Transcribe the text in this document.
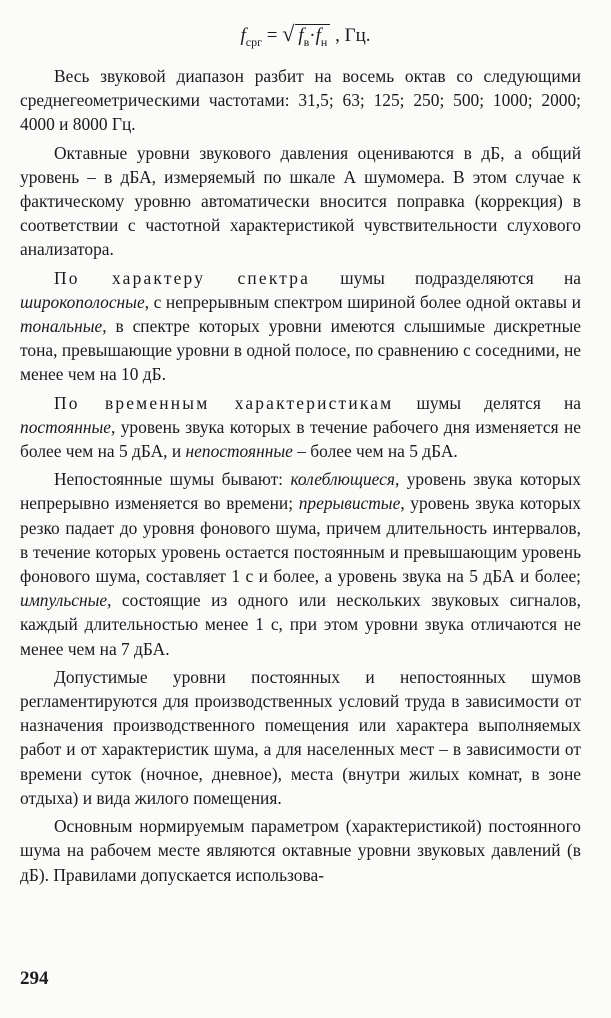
$f_{срг}$ = √ $f_в\cdot f_н$ , Гц.

Весь звуковой диапазон разбит на восемь октав со следующими среднегеометрическими частотами: 31,5; 63; 125; 250; 500; 1000; 2000; 4000 и 8000 Гц.

Октавные уровни звукового давления оцениваются в дБ, а общий уровень – в дБА, измеряемый по шкале А шумомера. В этом случае к фактическому уровню автоматически вносится поправка (коррекция) в соответствии с частотной характеристикой чувствительности слухового анализатора.

По характеру спектра шумы подразделяются на широкополосные, с непрерывным спектром шириной более одной октавы и тональные, в спектре которых уровни имеются слышимые дискретные тона, превышающие уровни в одной полосе, по сравнению с соседними, не менее чем на 10 дБ.

По временным характеристикам шумы делятся на постоянные, уровень звука которых в течение рабочего дня изменяется не более чем на 5 дБА, и непостоянные – более чем на 5 дБА.

Непостоянные шумы бывают: колеблющиеся, уровень звука которых непрерывно изменяется во времени; прерывистые, уровень звука которых резко падает до уровня фонового шума, причем длительность интервалов, в течение которых уровень остается постоянным и превышающим уровень фонового шума, составляет 1 с и более, а уровень звука на 5 дБА и более; импульсные, состоящие из одного или нескольких звуковых сигналов, каждый длительностью менее 1 с, при этом уровни звука отличаются не менее чем на 7 дБА.

Допустимые уровни постоянных и непостоянных шумов регламентируются для производственных условий труда в зависимости от назначения производственного помещения или характера выполняемых работ и от характеристик шума, а для населенных мест – в зависимости от времени суток (ночное, дневное), места (внутри жилых комнат, в зоне отдыха) и вида жилого помещения.

Основным нормируемым параметром (характеристикой) постоянного шума на рабочем месте являются октавные уровни звуковых давлений (в дБ). Правилами допускается использова-

294
